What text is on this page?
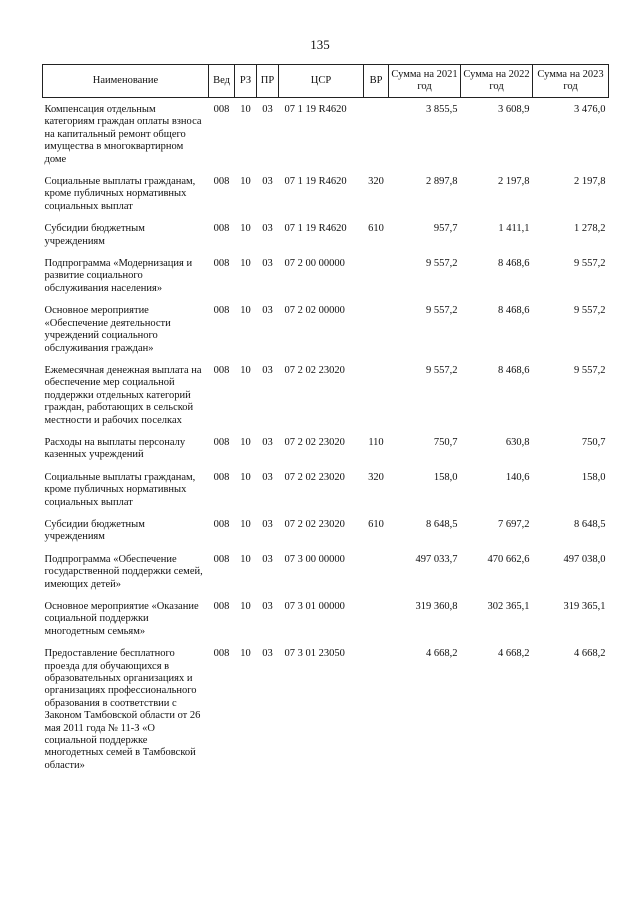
135
Наименование	Вед	РЗ	ПР	ЦСР	ВР	Сумма на 2021 год	Сумма на 2022 год	Сумма на 2023 год
Компенсация отдельным категориям граждан оплаты взноса на капитальный ремонт общего имущества в многоквартирном доме	008	10	03	07 1 19 R4620		3 855,5	3 608,9	3 476,0
Социальные выплаты гражданам, кроме публичных нормативных социальных выплат	008	10	03	07 1 19 R4620	320	2 897,8	2 197,8	2 197,8
Субсидии бюджетным учреждениям	008	10	03	07 1 19 R4620	610	957,7	1 411,1	1 278,2
Подпрограмма «Модернизация и развитие социального обслуживания населения»	008	10	03	07 2 00 00000		9 557,2	8 468,6	9 557,2
Основное мероприятие «Обеспечение деятельности учреждений социального обслуживания граждан»	008	10	03	07 2 02 00000		9 557,2	8 468,6	9 557,2
Ежемесячная денежная выплата на обеспечение мер социальной поддержки отдельных категорий граждан, работающих в сельской местности и рабочих поселках	008	10	03	07 2 02 23020		9 557,2	8 468,6	9 557,2
Расходы на выплаты персоналу казенных учреждений	008	10	03	07 2 02 23020	110	750,7	630,8	750,7
Социальные выплаты гражданам, кроме публичных нормативных социальных выплат	008	10	03	07 2 02 23020	320	158,0	140,6	158,0
Субсидии бюджетным учреждениям	008	10	03	07 2 02 23020	610	8 648,5	7 697,2	8 648,5
Подпрограмма «Обеспечение государственной поддержки семей, имеющих детей»	008	10	03	07 3 00 00000		497 033,7	470 662,6	497 038,0
Основное мероприятие «Оказание социальной поддержки многодетным семьям»	008	10	03	07 3 01 00000		319 360,8	302 365,1	319 365,1
Предоставление бесплатного проезда для обучающихся в образовательных организациях и организациях профессионального образования в соответствии с Законом Тамбовской области от 26 мая 2011 года № 11-З «О социальной поддержке многодетных семей в Тамбовской области»	008	10	03	07 3 01 23050		4 668,2	4 668,2	4 668,2
